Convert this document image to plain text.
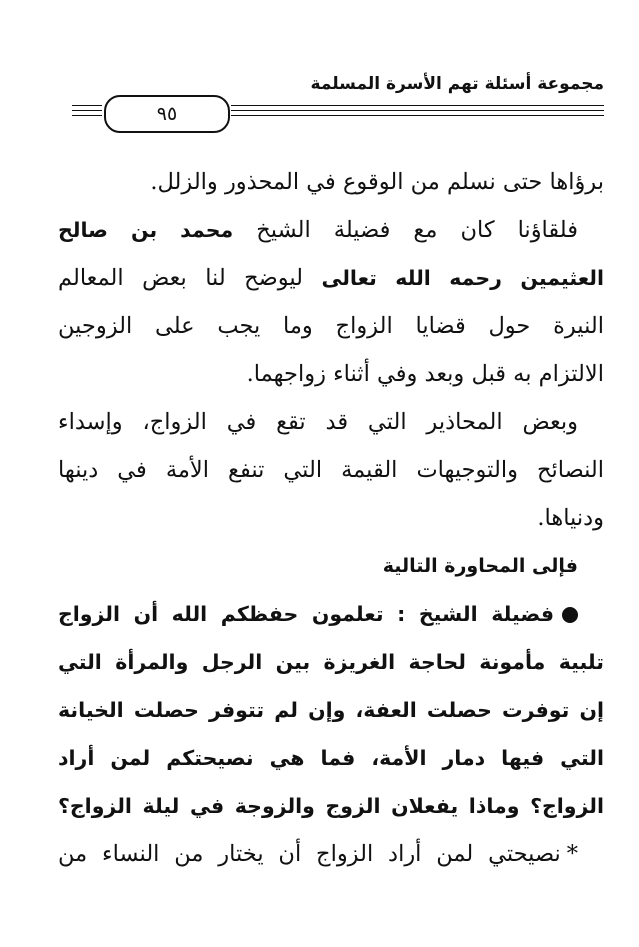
مجموعة أسئلة تهم الأسرة المسلمة
٩٥
برؤاها حتى نسلم من الوقوع في المحذور والزلل.
فلقاؤنا كان مع فضيلة الشيخ محمد بن صالح
العثيمين رحمه الله تعالى ليوضح لنا بعض المعالم
النيرة حول قضايا الزواج وما يجب على الزوجين
الالتزام به قبل وبعد وفي أثناء زواجهما.
وبعض المحاذير التي قد تقع في الزواج، وإسداء
النصائح والتوجيهات القيمة التي تنفع الأمة في دينها
ودنياها.
فإلى المحاورة التالية
فضيلة الشيخ : تعلمون حفظكم الله أن الزواج
تلبية مأمونة لحاجة الغريزة بين الرجل والمرأة التي
إن توفرت حصلت العفة، وإن لم تتوفر حصلت الخيانة
التي فيها دمار الأمة، فما هي نصيحتكم لمن أراد
الزواج؟ وماذا يفعلان الزوج والزوجة في ليلة الزواج؟
*نصيحتي لمن أراد الزواج أن يختار من النساء من
